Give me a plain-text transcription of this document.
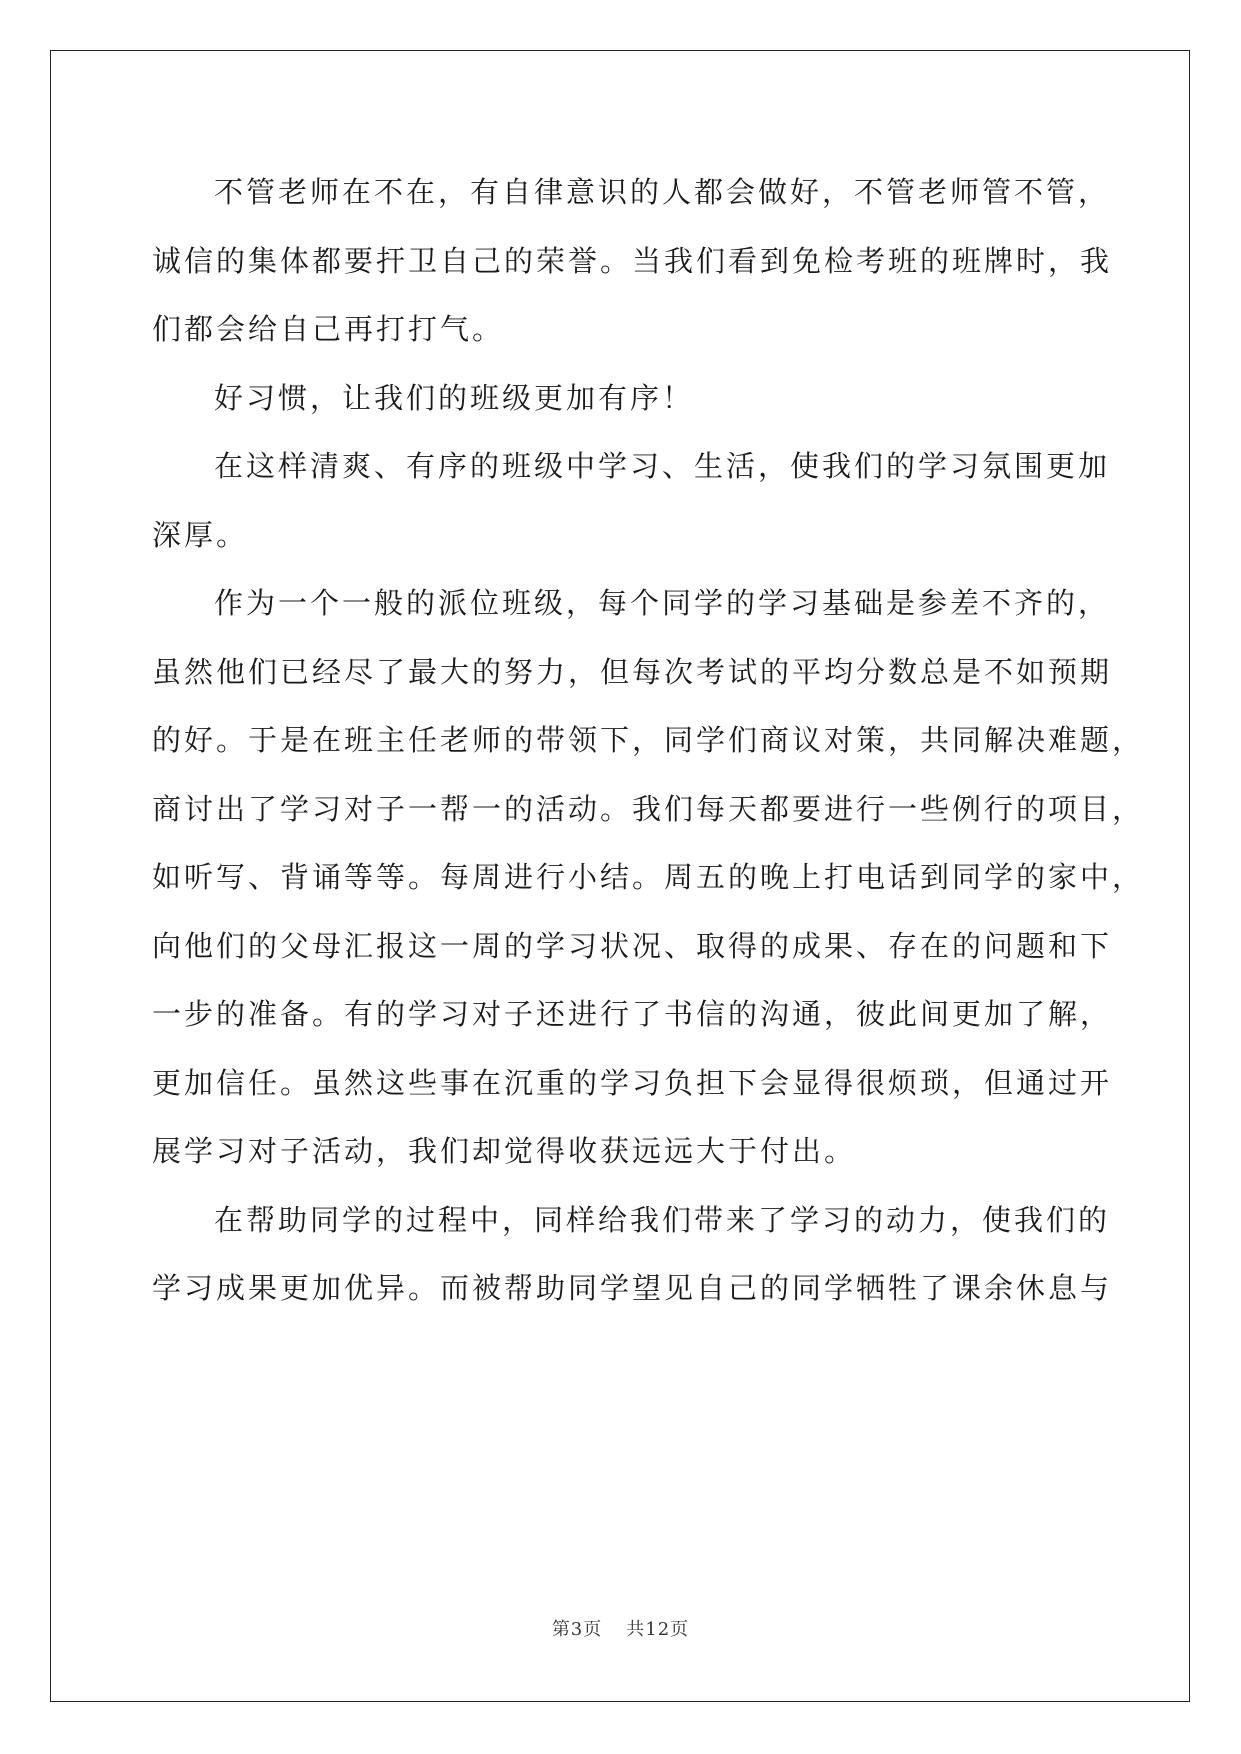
不管老师在不在，有自律意识的人都会做好，不管老师管不管，
诚信的集体都要扞卫自己的荣誉。当我们看到免检考班的班牌时，我
们都会给自己再打打气。
好习惯，让我们的班级更加有序！
在这样清爽、有序的班级中学习、生活，使我们的学习氛围更加
深厚。
作为一个一般的派位班级，每个同学的学习基础是参差不齐的，
虽然他们已经尽了最大的努力，但每次考试的平均分数总是不如预期
的好。于是在班主任老师的带领下，同学们商议对策，共同解决难题，
商讨出了学习对子一帮一的活动。我们每天都要进行一些例行的项目，
如听写、背诵等等。每周进行小结。周五的晚上打电话到同学的家中，
向他们的父母汇报这一周的学习状况、取得的成果、存在的问题和下
一步的准备。有的学习对子还进行了书信的沟通，彼此间更加了解，
更加信任。虽然这些事在沉重的学习负担下会显得很烦琐，但通过开
展学习对子活动，我们却觉得收获远远大于付出。
在帮助同学的过程中，同样给我们带来了学习的动力，使我们的
学习成果更加优异。而被帮助同学望见自己的同学牺牲了课余休息与
第3页 共12页
